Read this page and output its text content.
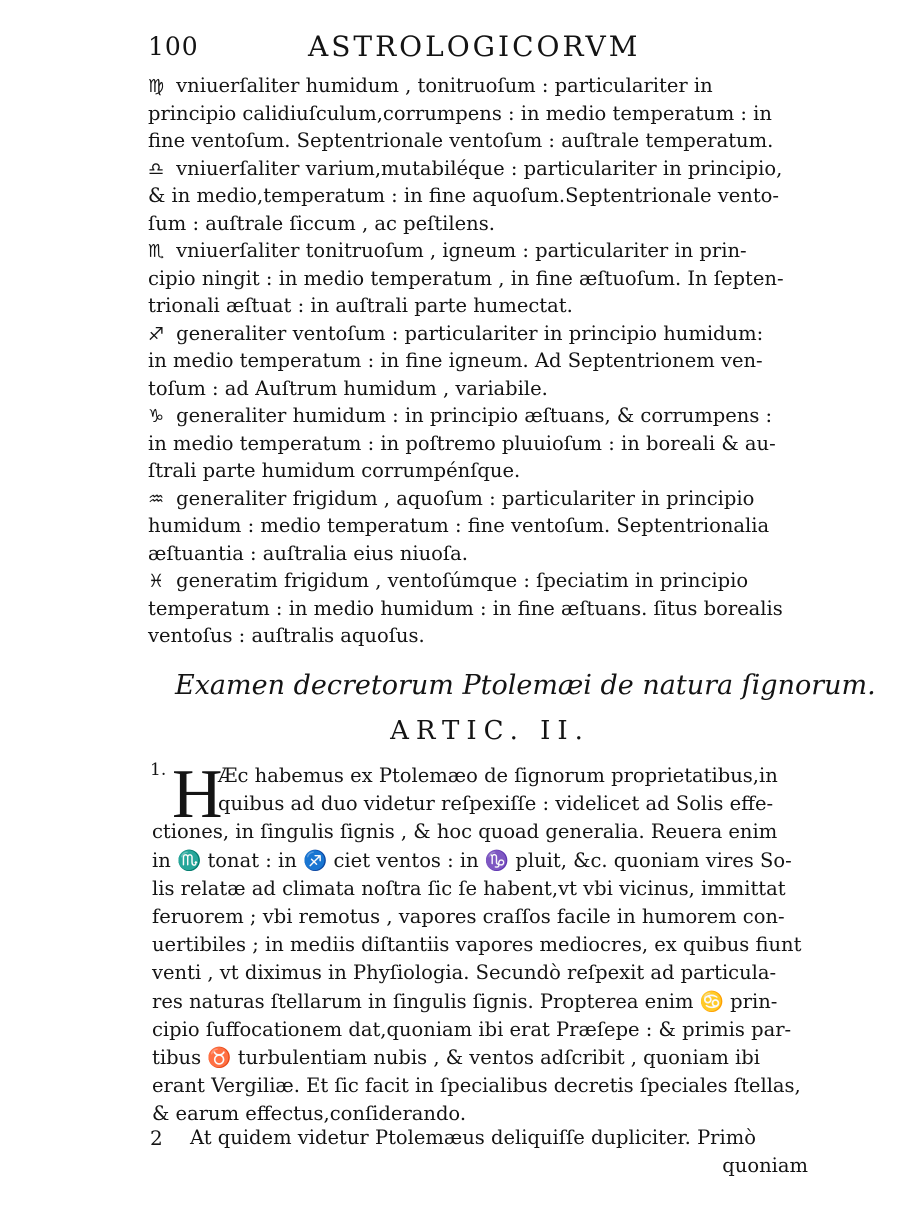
100	ASTROLOGICORVM
♍ vniuerſaliter humidum , tonitruoſum : particulariter in
principio calidiuſculum,corrumpens : in medio temperatum : in
fine ventoſum. Septentrionale ventoſum : auſtrale temperatum.
♎ vniuerſaliter varium,mutabiléque : particulariter in principio,
& in medio,temperatum : in fine aquoſum.Septentrionale vento-
ſum : auſtrale ſiccum , ac peſtilens.
♏ vniuerſaliter tonitruoſum , igneum : particulariter in prin-
cipio ningit : in medio temperatum , in fine æſtuoſum. In ſepten-
trionali æſtuat : in auſtrali parte humectat.
♐ generaliter ventoſum : particulariter in principio humidum:
in medio temperatum : in fine igneum. Ad Septentrionem ven-
toſum : ad Auſtrum humidum , variabile.
♑ generaliter humidum : in principio æſtuans, & corrumpens :
in medio temperatum : in poſtremo pluuioſum : in boreali & au-
ſtrali parte humidum corrumpénſque.
♒ generaliter frigidum , aquoſum : particulariter in principio
humidum : medio temperatum : fine ventoſum. Septentrionalia
æſtuantia : auſtralia eius niuoſa.
♓ generatim frigidum , ventoſúmque : ſpeciatim in principio
temperatum : in medio humidum : in fine æſtuans. ſitus borealis
ventoſus : auſtralis aquoſus.
Examen decretorum Ptolemæi de natura ſignorum.
ARTIC. II.
1. H
Æc habemus ex Ptolemæo de ſignorum proprietatibus,in
quibus ad duo videtur reſpexiſſe : videlicet ad Solis effe-
ctiones, in ſingulis ſignis , & hoc quoad generalia. Reuera enim
in ♏ tonat : in ♐ ciet ventos : in ♑ pluit, &c. quoniam vires So-
lis relatæ ad climata noſtra ſic ſe habent,vt vbi vicinus, immittat
feruorem ; vbi remotus , vapores craſſos facile in humorem con-
uertibiles ; in mediis diſtantiis vapores mediocres, ex quibus fiunt
venti , vt diximus in Phyſiologia. Secundò reſpexit ad particula-
res naturas ſtellarum in ſingulis ſignis. Propterea enim ♋ prin-
cipio ſuffocationem dat,quoniam ibi erat Præſepe : & primis par-
tibus ♉ turbulentiam nubis , & ventos adſcribit , quoniam ibi
erant Vergiliæ. Et ſic facit in ſpecialibus decretis ſpeciales ſtellas,
& earum effectus,conſiderando.
2 At quidem videtur Ptolemæus deliquiſſe dupliciter. Primò
quoniam
